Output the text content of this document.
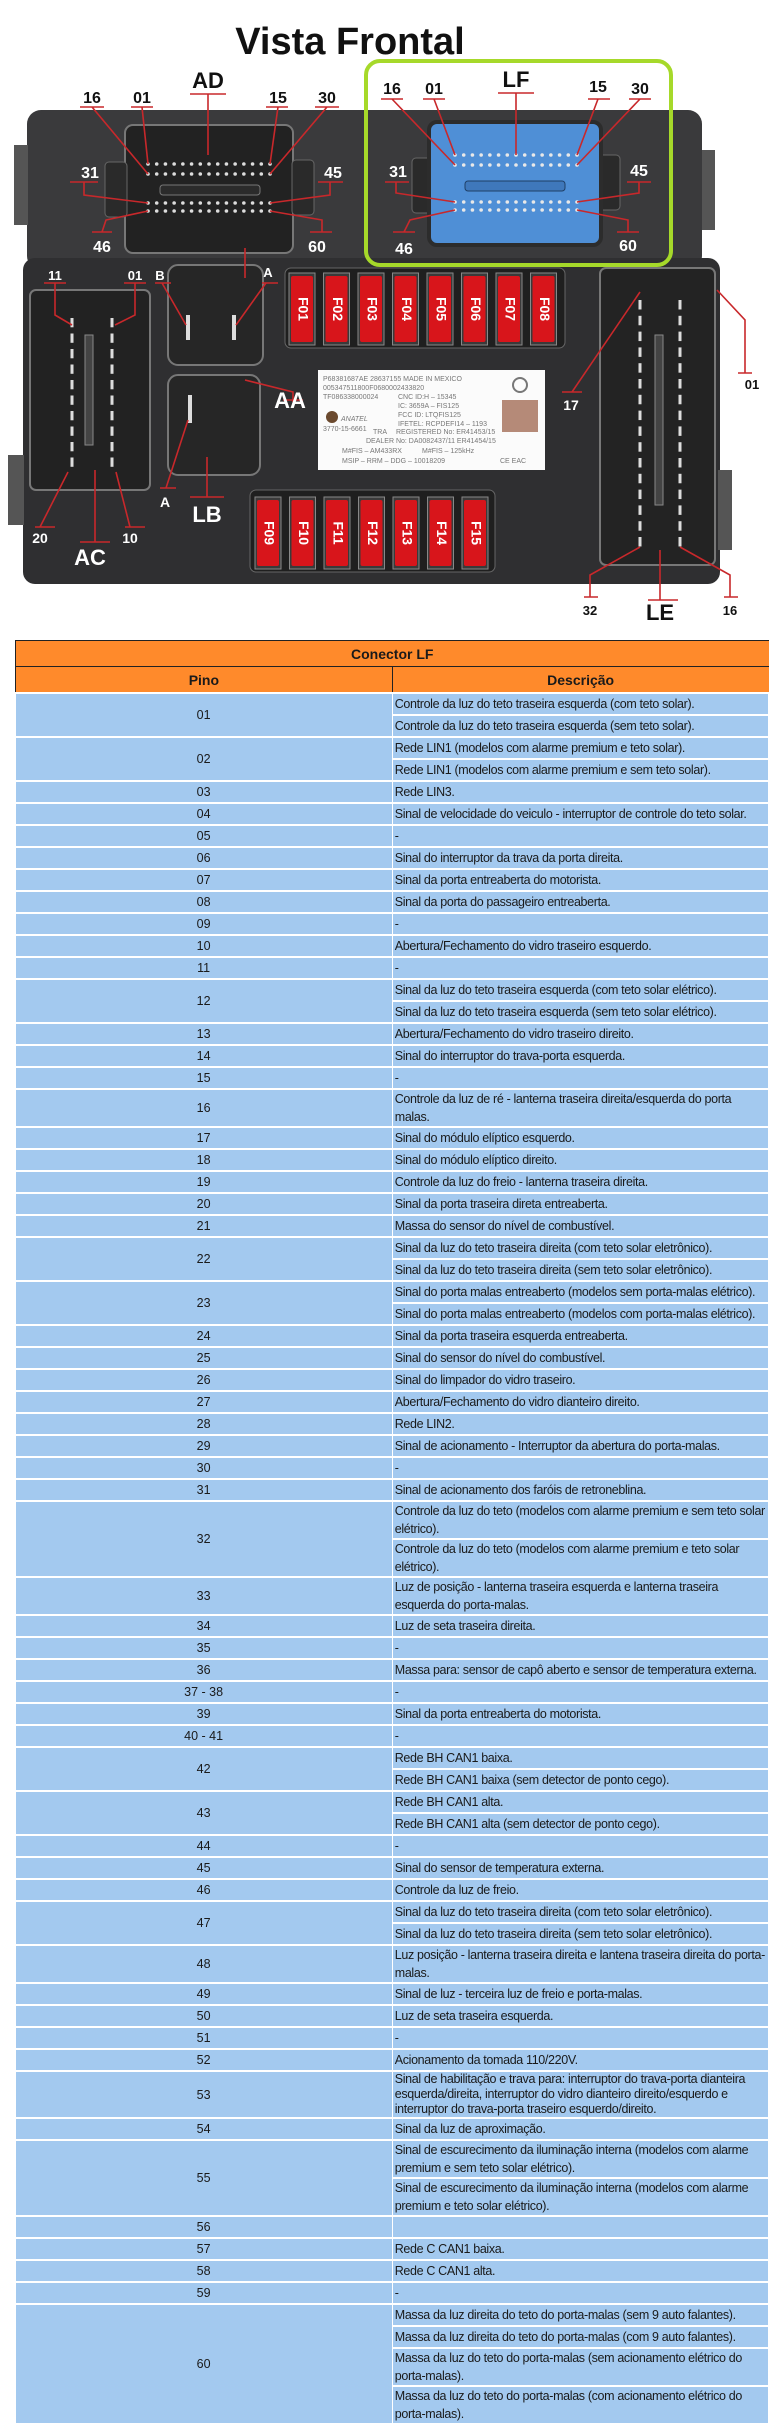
Vista Frontal
F01 F02 F03 F04 F05 F06 F07 F08
F09 F10 F11 F12 F13 F14 F15
P68381687AE 28637155 MADE IN MEXICO
005347511800F0680002433820
TF086338000024	CNC ID:H – 15345
IC: 3659A – FIS125
FCC ID: LTQFIS125
IFETEL: RCPDEFI14 – 1193
ANATEL
3770-15-6661 TRA REGISTERED No: ER41453/15
DEALER No: DA0082437/11 ER41454/15
M#FIS – AM433RX	M#FIS – 125kHz
MSIP – RRM – DDG – 10018209	CE EAC
AD
16 01	15 30
31	45
46	60
LF
16 01	15 30
31	45
46	60
11	01
20	10
AC
B	A
AA
A LB
01
17
32 LE	16
Conector LF	
Pino	Descrição
01	Controle da luz do teto traseira esquerda (com teto solar).
	Controle da luz do teto traseira esquerda (sem teto solar).
02	Rede LIN1 (modelos com alarme premium e teto solar).
	Rede LIN1 (modelos com alarme premium e sem teto solar).
03	Rede LIN3.
04	Sinal de velocidade do veiculo - interruptor de controle do teto solar.
05	-
06	Sinal do interruptor da trava da porta direita.
07	Sinal da porta entreaberta do motorista.
08	Sinal da porta do passageiro entreaberta.
09	-
10	Abertura/Fechamento do vidro traseiro esquerdo.
11	-
12	Sinal da luz do teto traseira esquerda (com teto solar elétrico).
	Sinal da luz do teto traseira esquerda (sem teto solar elétrico).
13	Abertura/Fechamento do vidro traseiro direito.
14	Sinal do interruptor do trava-porta esquerda.
15	-
16	Controle da luz de ré - lanterna traseira direita/esquerda do porta malas.
17	Sinal do módulo elíptico esquerdo.
18	Sinal do módulo elíptico direito.
19	Controle da luz do freio - lanterna traseira direita.
20	Sinal da porta traseira direta entreaberta.
21	Massa do sensor do nível de combustível.
22	Sinal da luz do teto traseira direita (com teto solar eletrônico).
	Sinal da luz do teto traseira direita (sem teto solar eletrônico).
23	Sinal do porta malas entreaberto (modelos sem porta-malas elétrico).
	Sinal do porta malas entreaberto (modelos com porta-malas elétrico).
24	Sinal da porta traseira esquerda entreaberta.
25	Sinal do sensor do nível do combustível.
26	Sinal do limpador do vidro traseiro.
27	Abertura/Fechamento do vidro dianteiro direito.
28	Rede LIN2.
29	Sinal de acionamento - Interruptor da abertura do porta-malas.
30	-
31	Sinal de acionamento dos faróis de retroneblina.
32	Controle da luz do teto (modelos com alarme premium e sem teto solar elétrico).
	Controle da luz do teto (modelos com alarme premium e teto solar elétrico).
33	Luz de posição - lanterna traseira esquerda e lanterna traseira esquerda do porta-malas.
34	Luz de seta traseira direita.
35	-
36	Massa para: sensor de capô aberto e sensor de temperatura externa.
37 - 38	-
39	Sinal da porta entreaberta do motorista.
40 - 41	-
42	Rede BH CAN1 baixa.
	Rede BH CAN1 baixa (sem detector de ponto cego).
43	Rede BH CAN1 alta.
	Rede BH CAN1 alta (sem detector de ponto cego).
44	-
45	Sinal do sensor de temperatura externa.
46	Controle da luz de freio.
47	Sinal da luz do teto traseira direita (com teto solar eletrônico).
	Sinal da luz do teto traseira direita (sem teto solar eletrônico).
48	Luz posição - lanterna traseira direita e lantena traseira direita do porta-malas.
49	Sinal de luz - terceira luz de freio e porta-malas.
50	Luz de seta traseira esquerda.
51	-
52	Acionamento da tomada 110/220V.
53	Sinal de habilitação e trava para: interruptor do trava-porta dianteira esquerda/direita, interruptor do vidro dianteiro direito/esquerdo e interruptor do trava-porta traseiro esquerdo/direito.
54	Sinal da luz de aproximação.
55	Sinal de escurecimento da iluminação interna (modelos com alarme premium e sem teto solar elétrico).
	Sinal de escurecimento da iluminação interna (modelos com alarme premium e teto solar elétrico).
56	
57	Rede C CAN1 baixa.
58	Rede C CAN1 alta.
59	-
60	Massa da luz direita do teto do porta-malas (sem 9 auto falantes).
	Massa da luz direita do teto do porta-malas (com 9 auto falantes).
	Massa da luz do teto do porta-malas (sem acionamento elétrico do porta-malas).
	Massa da luz do teto do porta-malas (com acionamento elétrico do porta-malas).
